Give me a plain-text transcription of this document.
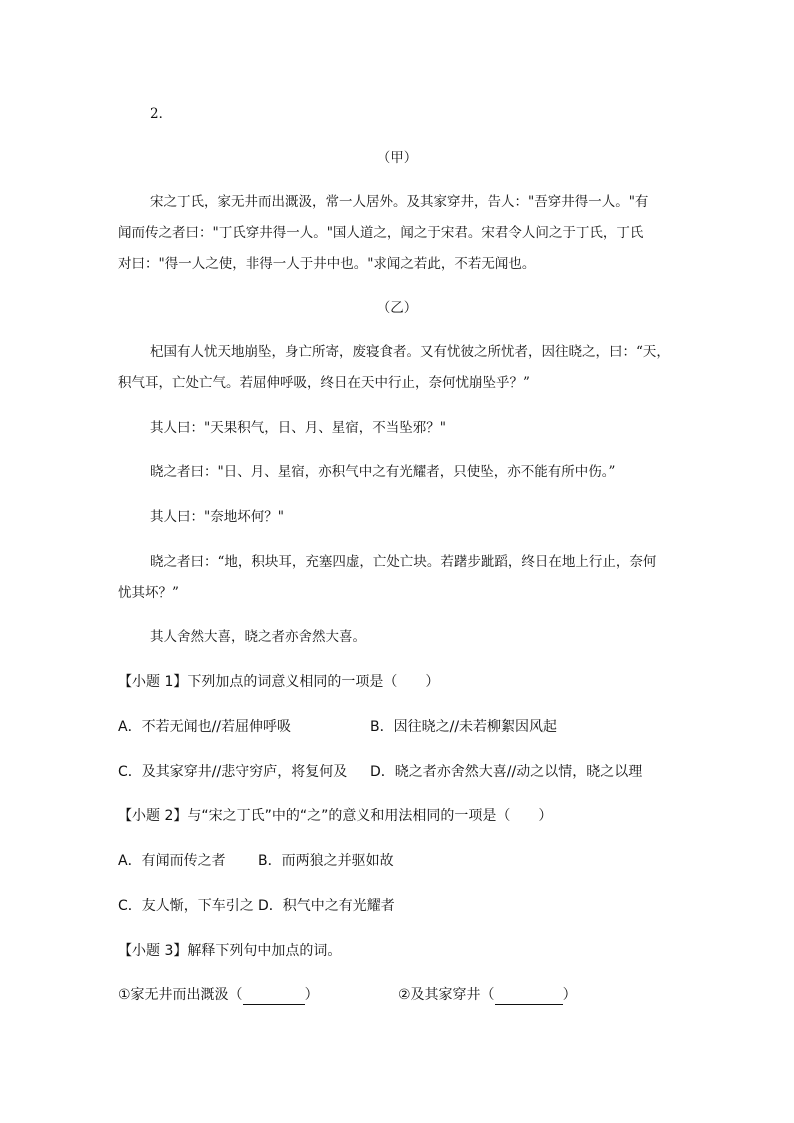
2．
（甲）
宋之丁氏，家无井而出溉汲，常一人居外。及其家穿井，告人："吾穿井得一人。"有
闻而传之者曰："丁氏穿井得一人。"国人道之，闻之于宋君。宋君令人问之于丁氏，丁氏
对曰："得一人之使，非得一人于井中也。"求闻之若此，不若无闻也。
（乙）
杞国有人忧天地崩坠，身亡所寄，废寝食者。又有忧彼之所忧者，因往晓之，曰：“天，
积气耳，亡处亡气。若屈伸呼吸，终日在天中行止，奈何忧崩坠乎？”
其人曰："天果积气，日、月、星宿，不当坠邪？"
晓之者曰："日、月、星宿，亦积气中之有光耀者，只使坠，亦不能有所中伤。”
其人曰："奈地坏何？"
晓之者曰：“地，积块耳，充塞四虚，亡处亡块。若躇步跐蹈，终日在地上行止，奈何
忧其坏？”
其人舍然大喜，晓之者亦舍然大喜。
【小题 1】下列加点的词意义相同的一项是（　　）
A．不若无闻也//若屈伸呼吸	B．因往晓之//未若柳絮因风起
C．及其家穿井//悲守穷庐，将复何及 D．晓之者亦舍然大喜//动之以情，晓之以理
【小题 2】与“宋之丁氏”中的“之”的意义和用法相同的一项是（　　）
A．有闻而传之者 B．而两狼之并驱如故
C．友人惭，下车引之 D．积气中之有光耀者
【小题 3】解释下列句中加点的词。
①家无井而出溉汲（	）	②及其家穿井（	）
